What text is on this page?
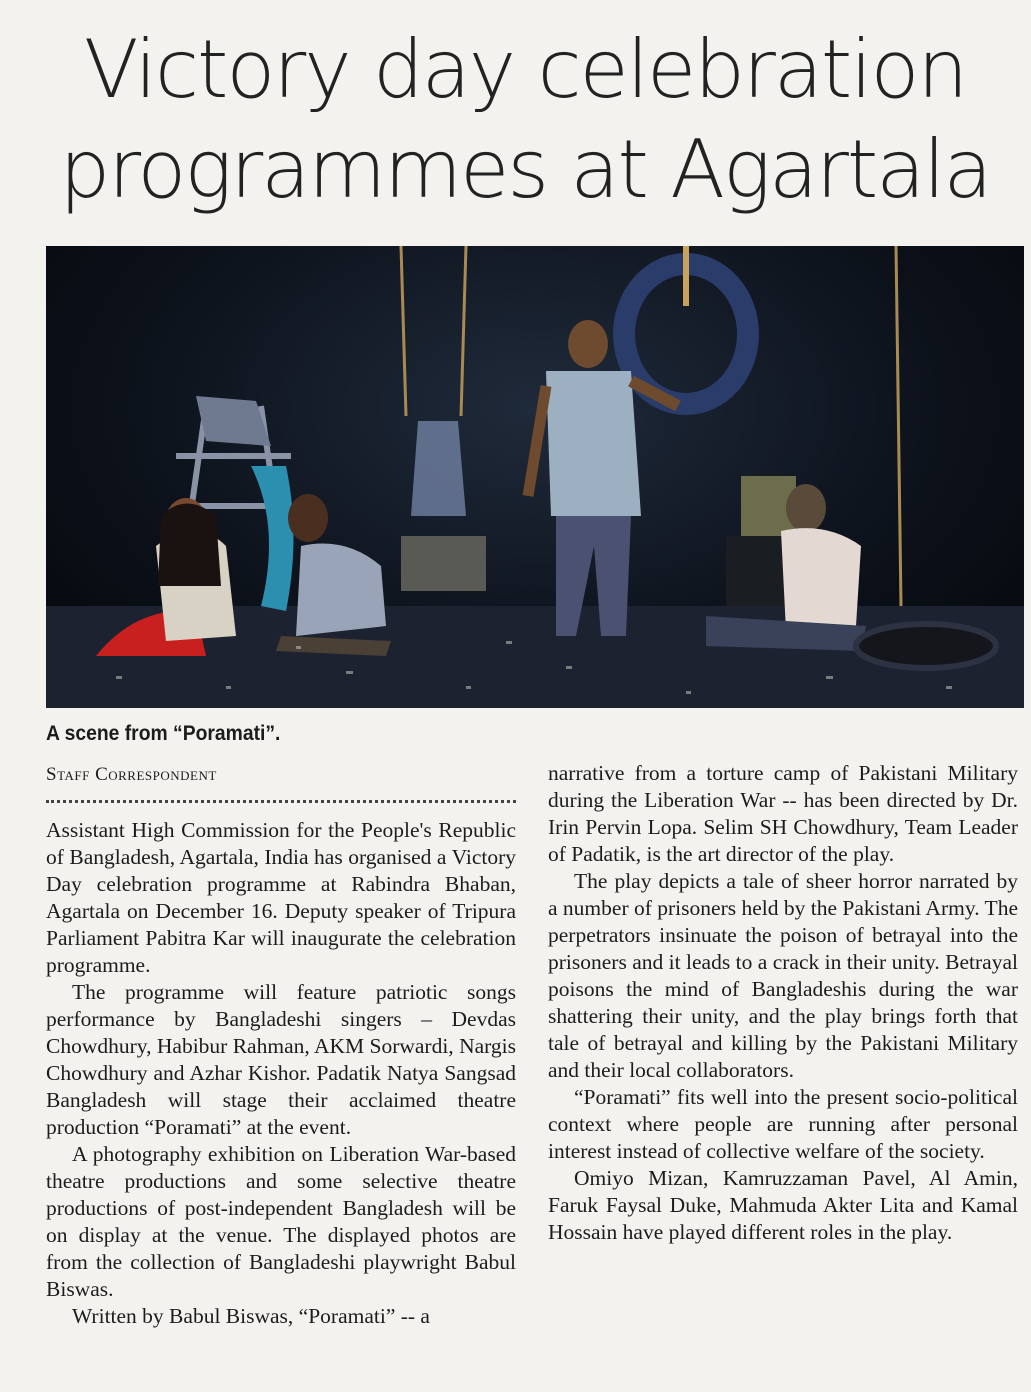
Victory day celebration
programmes at Agartala

A scene from “Poramati”.

Staff Correspondent

Assistant High Commission for the People's Republic of Bangladesh, Agartala, India has organised a Victory Day celebration programme at Rabindra Bhaban, Agartala on December 16. Deputy speaker of Tripura Parliament Pabitra Kar will inaugurate the celebration programme.

The programme will feature patriotic songs performance by Bangladeshi singers – Devdas Chowdhury, Habibur Rahman, AKM Sorwardi, Nargis Chowdhury and Azhar Kishor. Padatik Natya Sangsad Bangladesh will stage their acclaimed theatre production “Poramati” at the event.

A photography exhibition on Liberation War-based theatre productions and some selective theatre productions of post-independent Bangladesh will be on display at the venue. The displayed photos are from the collection of Bangladeshi playwright Babul Biswas.

Written by Babul Biswas, “Poramati” -- a

narrative from a torture camp of Pakistani Military during the Liberation War -- has been directed by Dr. Irin Pervin Lopa. Selim SH Chowdhury, Team Leader of Padatik, is the art director of the play.

The play depicts a tale of sheer horror narrated by a number of prisoners held by the Pakistani Army. The perpetrators insinuate the poison of betrayal into the prisoners and it leads to a crack in their unity. Betrayal poisons the mind of Bangladeshis during the war shattering their unity, and the play brings forth that tale of betrayal and killing by the Pakistani Military and their local collaborators.

“Poramati” fits well into the present socio-political context where people are running after personal interest instead of collective welfare of the society.

Omiyo Mizan, Kamruzzaman Pavel, Al Amin, Faruk Faysal Duke, Mahmuda Akter Lita and Kamal Hossain have played different roles in the play.
